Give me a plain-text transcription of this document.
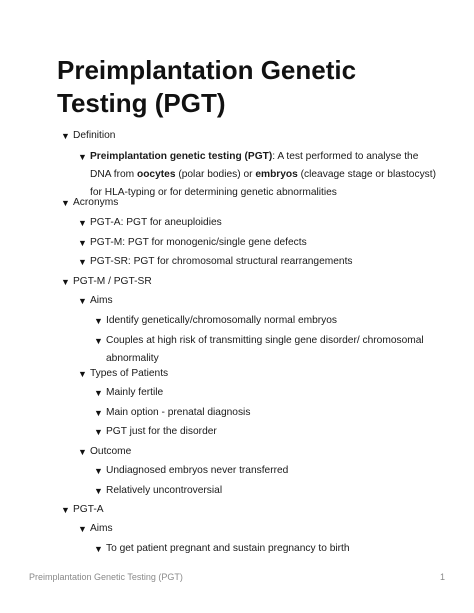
Preimplantation Genetic Testing (PGT)
▼ Definition
▼ Preimplantation genetic testing (PGT): A test performed to analyse the DNA from oocytes (polar bodies) or embryos (cleavage stage or blastocyst) for HLA-typing or for determining genetic abnormalities
▼ Acronyms
▼ PGT-A: PGT for aneuploidies
▼ PGT-M: PGT for monogenic/single gene defects
▼ PGT-SR: PGT for chromosomal structural rearrangements
▼ PGT-M / PGT-SR
▼ Aims
▼ Identify genetically/chromosomally normal embryos
▼ Couples at high risk of transmitting single gene disorder/ chromosomal abnormality
▼ Types of Patients
▼ Mainly fertile
▼ Main option - prenatal diagnosis
▼ PGT just for the disorder
▼ Outcome
▼ Undiagnosed embryos never transferred
▼ Relatively uncontroversial
▼ PGT-A
▼ Aims
▼ To get patient pregnant and sustain pregnancy to birth
Preimplantation Genetic Testing (PGT)	1
